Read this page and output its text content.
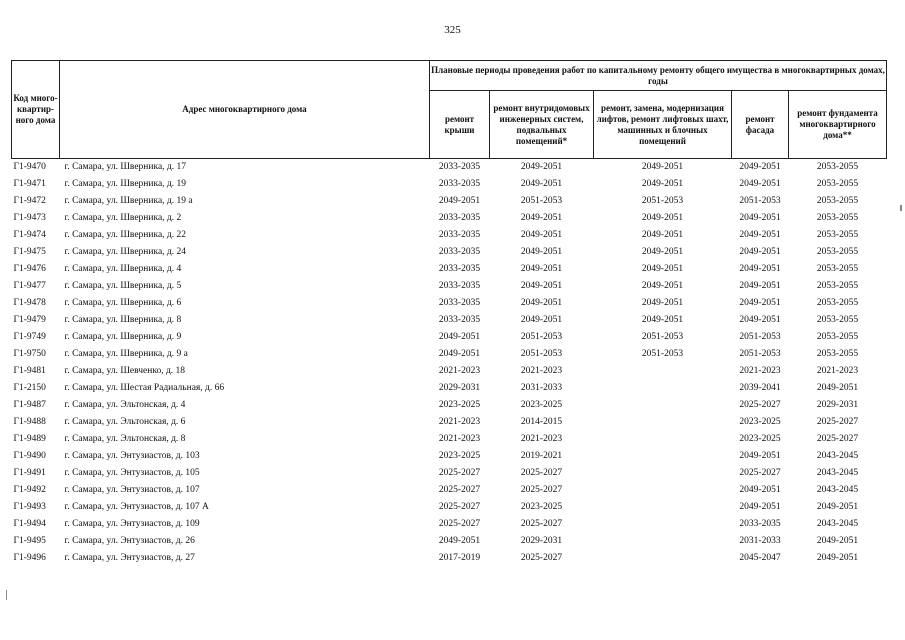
325
Код много-квартир-ного дома	Адрес многоквартирного дома	Плановые периоды проведения работ по капитальному ремонту общего имущества в многоквартирных домах, годы				
		ремонт крыши	ремонт внутридомовых инженерных систем, подвальных помещений*	ремонт, замена, модернизация лифтов, ремонт лифтовых шахт, машинных и блочных помещений	ремонт фасада	ремонт фундамента многоквартирного дома**
Г1-9470	г. Самара, ул. Шверника, д. 17	2033-2035	2049-2051	2049-2051	2049-2051	2053-2055
Г1-9471	г. Самара, ул. Шверника, д. 19	2033-2035	2049-2051	2049-2051	2049-2051	2053-2055
Г1-9472	г. Самара, ул. Шверника, д. 19 а	2049-2051	2051-2053	2051-2053	2051-2053	2053-2055
Г1-9473	г. Самара, ул. Шверника, д. 2	2033-2035	2049-2051	2049-2051	2049-2051	2053-2055
Г1-9474	г. Самара, ул. Шверника, д. 22	2033-2035	2049-2051	2049-2051	2049-2051	2053-2055
Г1-9475	г. Самара, ул. Шверника, д. 24	2033-2035	2049-2051	2049-2051	2049-2051	2053-2055
Г1-9476	г. Самара, ул. Шверника, д. 4	2033-2035	2049-2051	2049-2051	2049-2051	2053-2055
Г1-9477	г. Самара, ул. Шверника, д. 5	2033-2035	2049-2051	2049-2051	2049-2051	2053-2055
Г1-9478	г. Самара, ул. Шверника, д. 6	2033-2035	2049-2051	2049-2051	2049-2051	2053-2055
Г1-9479	г. Самара, ул. Шверника, д. 8	2033-2035	2049-2051	2049-2051	2049-2051	2053-2055
Г1-9749	г. Самара, ул. Шверника, д. 9	2049-2051	2051-2053	2051-2053	2051-2053	2053-2055
Г1-9750	г. Самара, ул. Шверника, д. 9 а	2049-2051	2051-2053	2051-2053	2051-2053	2053-2055
Г1-9481	г. Самара, ул. Шевченко, д. 18	2021-2023	2021-2023		2021-2023	2021-2023
Г1-2150	г. Самара, ул. Шестая Радиальная, д. 66	2029-2031	2031-2033		2039-2041	2049-2051
Г1-9487	г. Самара, ул. Эльтонская, д. 4	2023-2025	2023-2025		2025-2027	2029-2031
Г1-9488	г. Самара, ул. Эльтонская, д. 6	2021-2023	2014-2015		2023-2025	2025-2027
Г1-9489	г. Самара, ул. Эльтонская, д. 8	2021-2023	2021-2023		2023-2025	2025-2027
Г1-9490	г. Самара, ул. Энтузиастов, д. 103	2023-2025	2019-2021		2049-2051	2043-2045
Г1-9491	г. Самара, ул. Энтузиастов, д. 105	2025-2027	2025-2027		2025-2027	2043-2045
Г1-9492	г. Самара, ул. Энтузиастов, д. 107	2025-2027	2025-2027		2049-2051	2043-2045
Г1-9493	г. Самара, ул. Энтузиастов, д. 107 А	2025-2027	2023-2025		2049-2051	2049-2051
Г1-9494	г. Самара, ул. Энтузиастов, д. 109	2025-2027	2025-2027		2033-2035	2043-2045
Г1-9495	г. Самара, ул. Энтузиастов, д. 26	2049-2051	2029-2031		2031-2033	2049-2051
Г1-9496	г. Самара, ул. Энтузиастов, д. 27	2017-2019	2025-2027		2045-2047	2049-2051
